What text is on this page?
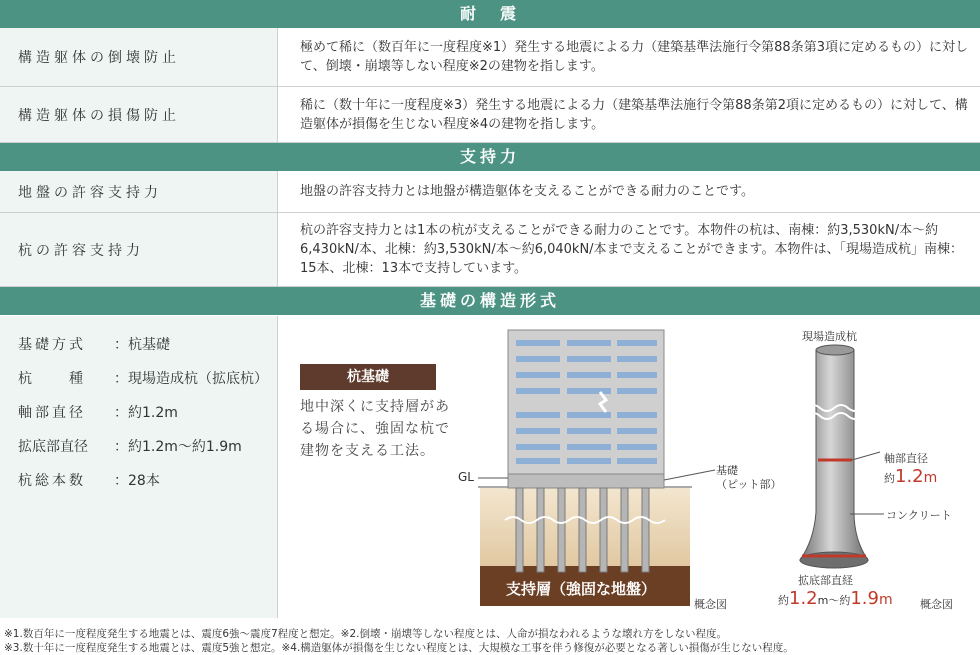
耐　震
構造躯体の倒壊防止
極めて稀に（数百年に一度程度※1）発生する地震による力（建築基準法施行令第88条第3項に定めるもの）に対して、倒壊・崩壊等しない程度※2の建物を指します。
構造躯体の損傷防止
稀に（数十年に一度程度※3）発生する地震による力（建築基準法施行令第88条第2項に定めるもの）に対して、構造躯体が損傷を生じない程度※4の建物を指します。
支持力
地盤の許容支持力	地盤の許容支持力とは地盤が構造躯体を支えることができる耐力のことです。
杭の許容支持力
杭の許容支持力とは1本の杭が支えることができる耐力のことです。本物件の杭は、南棟：約3,530kN/本～約6,430kN/本、北棟：約3,530kN/本～約6,040kN/本まで支えることができます。本物件は、「現場造成杭」南棟：15本、北棟：13本で支持しています。
基礎の構造形式
基礎方式 ：杭基礎
杭　　種 ：現場造成杭（拡底杭）
軸部直径 ：約1.2m
拡底部直径 ：約1.2m～約1.9m
杭総本数 ：28本
杭基礎
地中深くに支持層がある場合に、強固な杭で建物を支える工法。
GL	基礎
（ピット部）
支持層（強固な地盤）
概念図
現場造成杭
軸部直径
約1.2m
コンクリート
拡底部直経
約1.2m～約1.9m 概念図
※1.数百年に一度程度発生する地震とは、震度6強～震度7程度と想定。※2.倒壊・崩壊等しない程度とは、人命が損なわれるような壊れ方をしない程度。
※3.数十年に一度程度発生する地震とは、震度5強と想定。※4.構造躯体が損傷を生じない程度とは、大規模な工事を伴う修復が必要となる著しい損傷が生じない程度。
